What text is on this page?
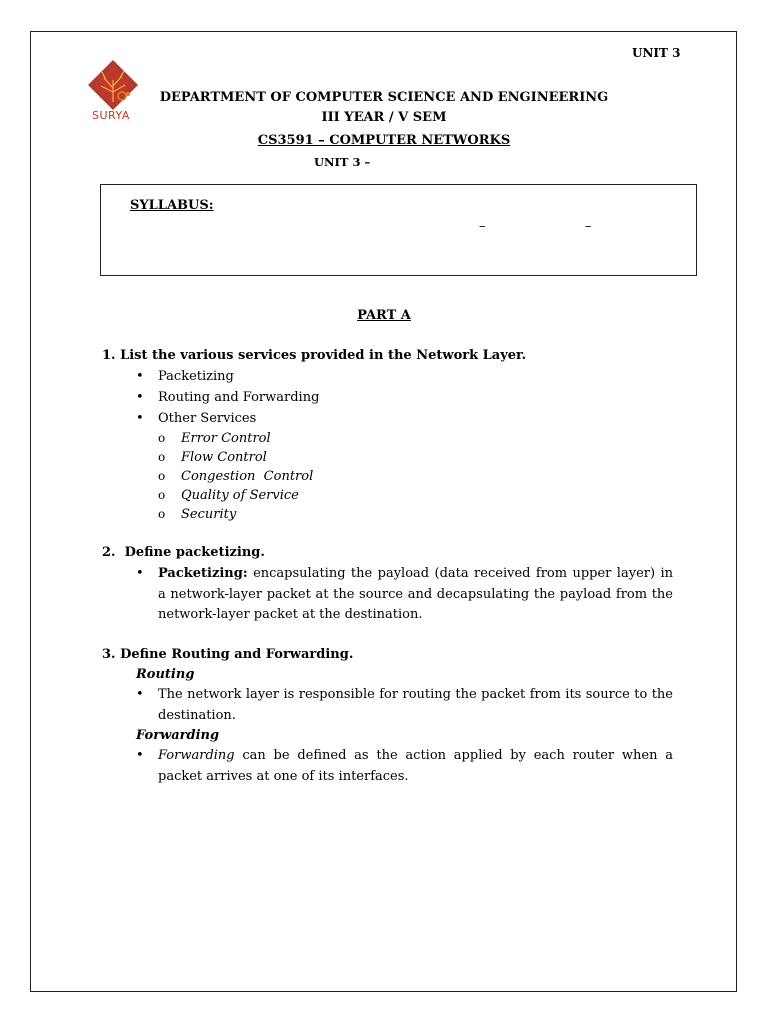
UNIT 3
SURYA
DEPARTMENT OF COMPUTER SCIENCE AND ENGINEERING
III YEAR / V SEM
CS3591 – COMPUTER NETWORKS
UNIT 3 –
SYLLABUS:
–	–
PART A
1. List the various services provided in the Network Layer.
• Packetizing
• Routing and Forwarding
• Other Services
o Error Control
o Flow Control
o Congestion  Control
o Quality of Service
o Security
2.  Define packetizing.
• Packetizing: encapsulating the payload (data received from upper layer) in a network-layer packet at the source and decapsulating the payload from the network-layer packet at the destination.
3. Define Routing and Forwarding.
Routing
• The network layer is responsible for routing the packet from its source to the destination.
Forwarding
• Forwarding can be defined as the action applied by each router when a packet arrives at one of its interfaces.
